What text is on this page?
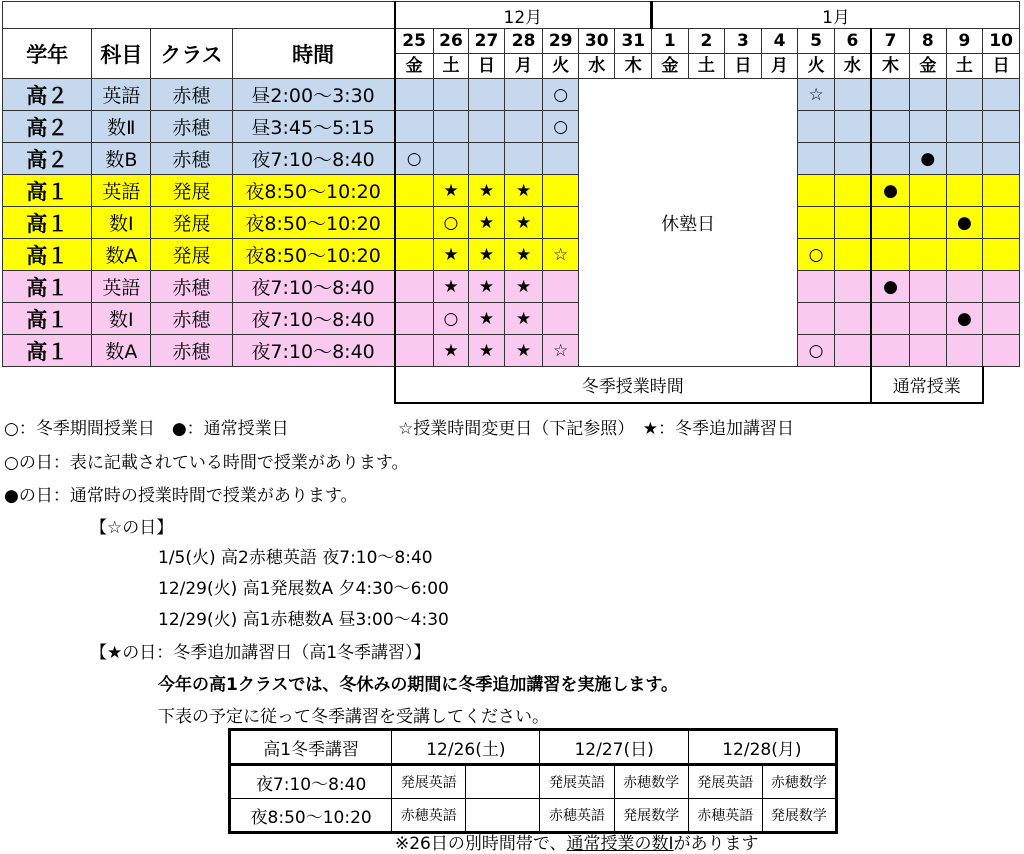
				12月							1月									
学年	科目	クラス	時間	25	26	27	28	29	30	31	1	2	3	4	5	6	7	8	9	10
				金	土	日	月	火	水	木	金	土	日	月	火	水	木	金	土	日
高２	英語	赤穂	昼2:00～3:30					○	休塾日						☆					
高２	数Ⅱ	赤穂	昼3:45～5:15					○												
高２	数B	赤穂	夜7:10～8:40	○														●		
高１	英語	発展	夜8:50～10:20		★	★	★										●			
高１	数Ⅰ	発展	夜8:50～10:20		○	★	★												●	
高１	数A	発展	夜8:50～10:20		★	★	★	☆							○					
高１	英語	赤穂	夜7:10～8:40		★	★	★										●			
高１	数Ⅰ	赤穂	夜7:10～8:40		○	★	★												●	
高１	数A	赤穂	夜7:10～8:40		★	★	★	☆							○					
				冬季授業時間													通常授業			
○：冬季期間授業日　●：通常授業日	☆授業時間変更日（下記参照）　★：冬季追加講習日
○の日：表に記載されている時間で授業があります。
●の日：通常時の授業時間で授業があります。
【☆の日】
1/5(火) 高2赤穂英語 夜7:10～8:40
12/29(火) 高1発展数A 夕4:30～6:00
12/29(火) 高1赤穂数A 昼3:00～4:30
【★の日：冬季追加講習日（高1冬季講習）】
今年の高1クラスでは、冬休みの期間に冬季追加講習を実施します。
下表の予定に従って冬季講習を受講してください。
高1冬季講習	12/26(土)		12/27(日)		12/28(月)	
夜7:10～8:40	発展英語		発展英語	赤穂数学	発展英語	赤穂数学
夜8:50～10:20	赤穂英語		赤穂英語	発展数学	赤穂英語	発展数学
※26日の別時間帯で、通常授業の数Ⅰがあります
